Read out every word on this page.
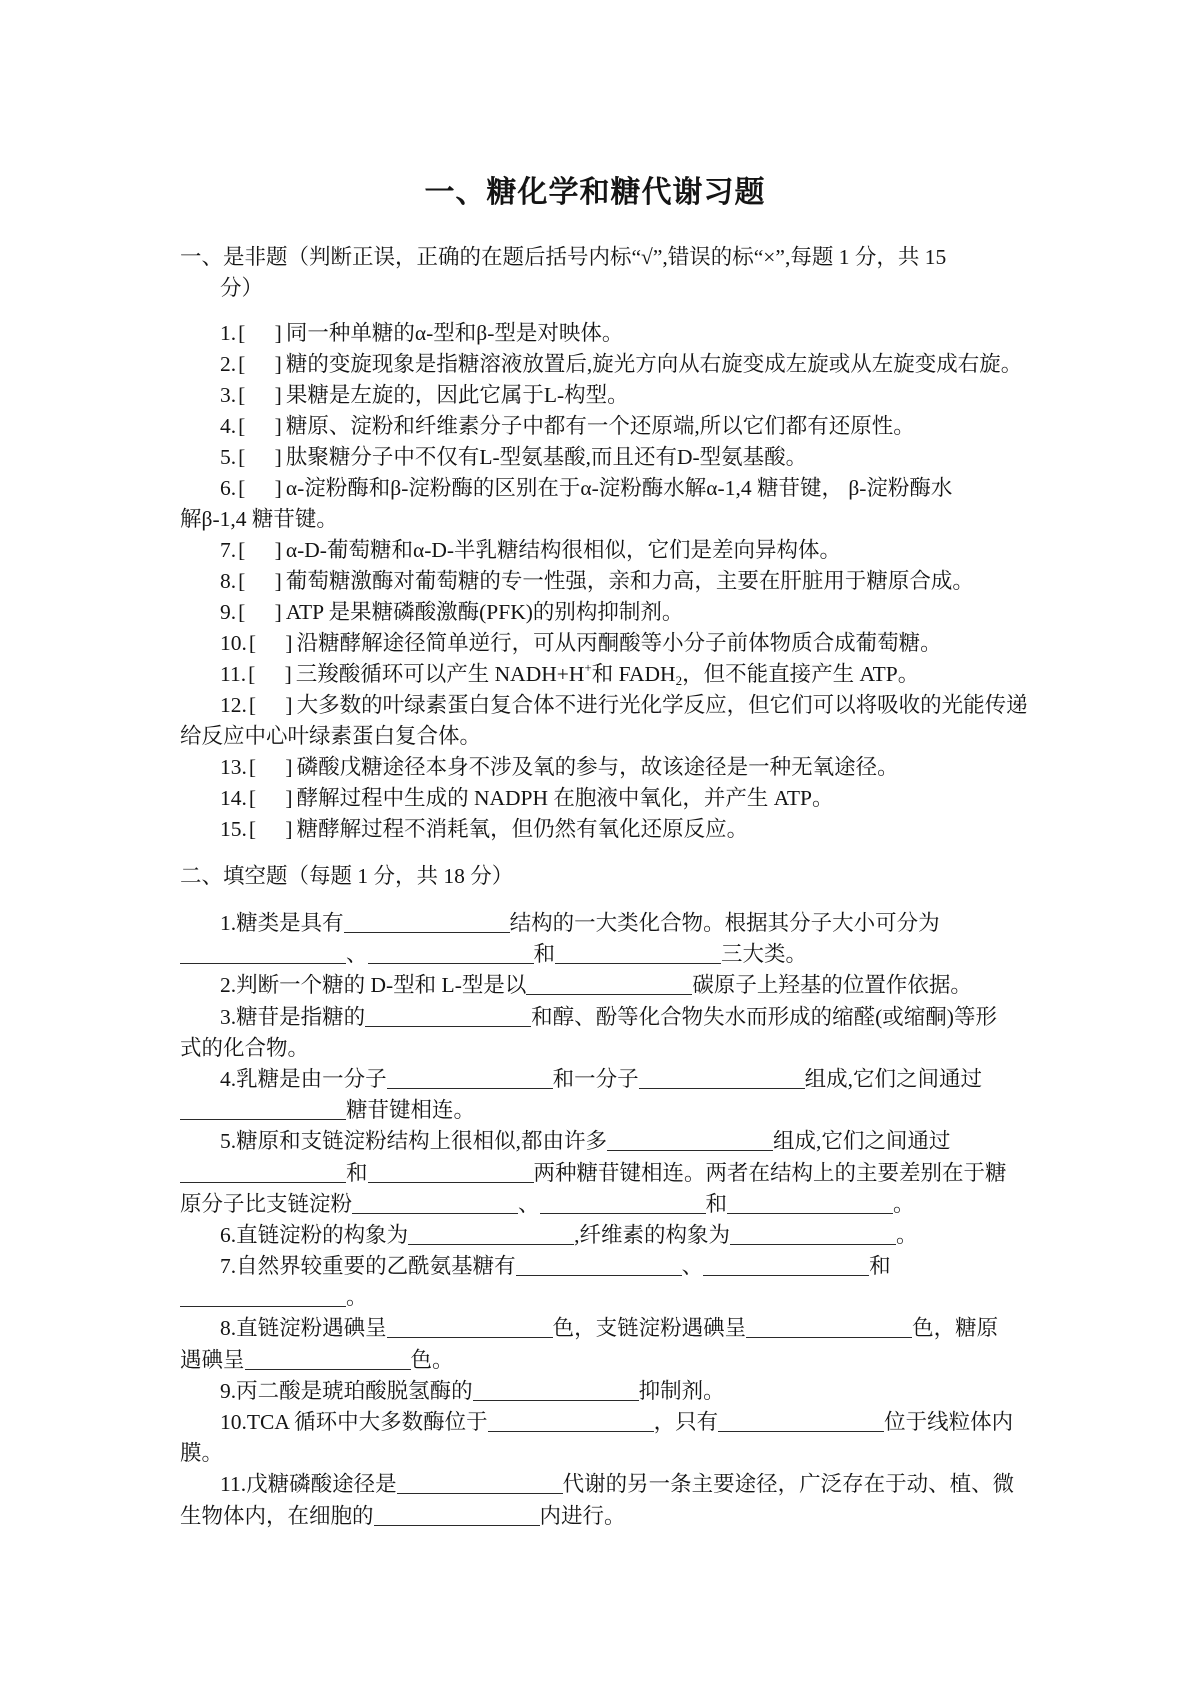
一、糖化学和糖代谢习题
一、是非题（判断正误，正确的在题后括号内标“√”,错误的标“×”,每题 1 分，共 15
分）
1. [ ] 同一种单糖的α-型和β-型是对映体。
2. [ ] 糖的变旋现象是指糖溶液放置后,旋光方向从右旋变成左旋或从左旋变成右旋。
3. [ ] 果糖是左旋的，因此它属于L-构型。
4. [ ] 糖原、淀粉和纤维素分子中都有一个还原端,所以它们都有还原性。
5. [ ] 肽聚糖分子中不仅有L-型氨基酸,而且还有D-型氨基酸。
6. [ ] α-淀粉酶和β-淀粉酶的区别在于α-淀粉酶水解α-1,4 糖苷键， β-淀粉酶水
解β-1,4 糖苷键。
7. [ ] α-D-葡萄糖和α-D-半乳糖结构很相似，它们是差向异构体。
8. [ ] 葡萄糖激酶对葡萄糖的专一性强，亲和力高，主要在肝脏用于糖原合成。
9. [ ] ATP 是果糖磷酸激酶(PFK)的别构抑制剂。
10. [ ] 沿糖酵解途径简单逆行，可从丙酮酸等小分子前体物质合成葡萄糖。
11. [ ] 三羧酸循环可以产生 NADH+H + 和 FADH 2 ，但不能直接产生 ATP。
12. [ ] 大多数的叶绿素蛋白复合体不进行光化学反应，但它们可以将吸收的光能传递
给反应中心叶绿素蛋白复合体。
13. [ ] 磷酸戊糖途径本身不涉及氧的参与，故该途径是一种无氧途径。
14. [ ] 酵解过程中生成的 NADPH 在胞液中氧化，并产生 ATP。
15. [ ] 糖酵解过程不消耗氧，但仍然有氧化还原反应。
二、填空题（每题 1 分，共 18 分）
1.糖类是具有	结构的一大类化合物。根据其分子大小可分为
、	和	三大类。
2.判断一个糖的 D-型和 L-型是以	碳原子上羟基的位置作依据。
3.糖苷是指糖的	和醇、酚等化合物失水而形成的缩醛(或缩酮)等形
式的化合物。
4.乳糖是由一分子	和一分子	组成,它们之间通过
糖苷键相连。
5.糖原和支链淀粉结构上很相似,都由许多	组成,它们之间通过
和	两种糖苷键相连。两者在结构上的主要差别在于糖
原分子比支链淀粉	、	和	。
6.直链淀粉的构象为	,纤维素的构象为	。
7.自然界较重要的乙酰氨基糖有	、	和
。
8.直链淀粉遇碘呈	色，支链淀粉遇碘呈	色，糖原
遇碘呈	色。
9.丙二酸是琥珀酸脱氢酶的	抑制剂。
10.TCA 循环中大多数酶位于	，只有	位于线粒体内
膜。
11.戊糖磷酸途径是	代谢的另一条主要途径，广泛存在于动、植、微
生物体内，在细胞的	内进行。
